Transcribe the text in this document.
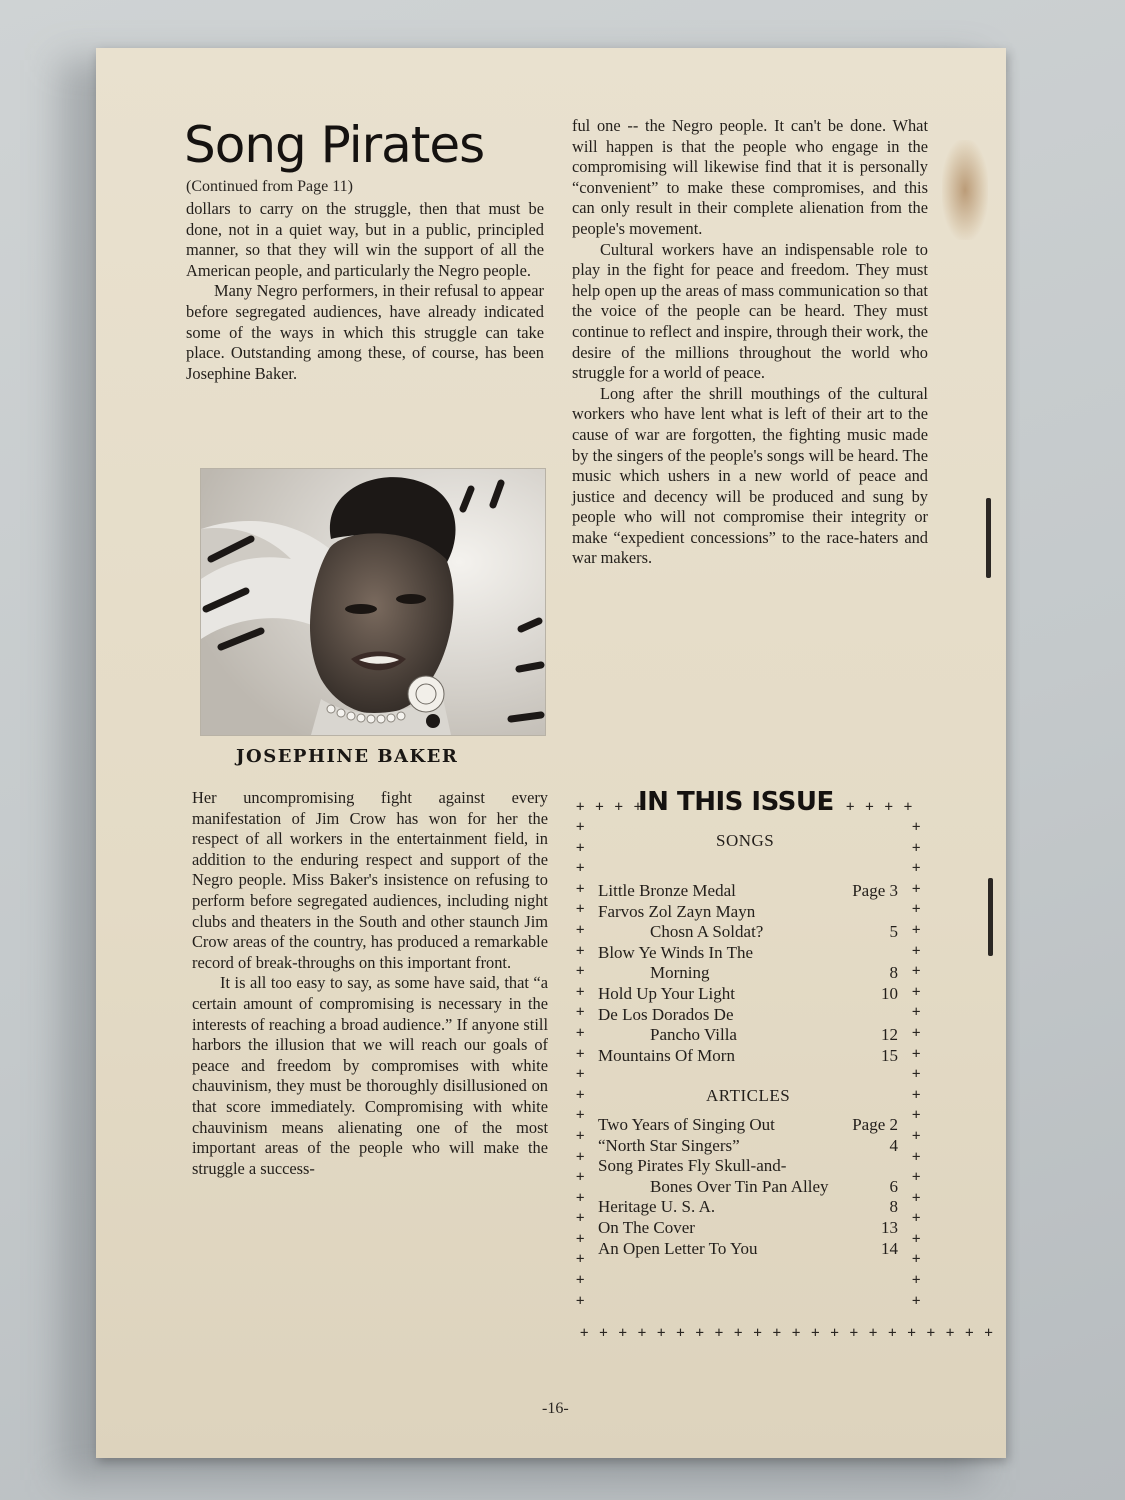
Song Pirates
(Continued from Page 11)

dollars to carry on the struggle, then that must be done, not in a quiet way, but in a public, principled manner, so that they will win the support of all the American people, and particularly the Negro people.

Many Negro performers, in their refusal to appear before segregated audiences, have already indicated some of the ways in which this struggle can take place. Outstanding among these, of course, has been Josephine Baker.

JOSEPHINE BAKER

Her uncompromising fight against every manifestation of Jim Crow has won for her the respect of all workers in the entertainment field, in addition to the enduring respect and support of the Negro people. Miss Baker's insistence on refusing to perform before segregated audiences, including night clubs and theaters in the South and other staunch Jim Crow areas of the country, has produced a remarkable record of break-throughs on this important front.

It is all too easy to say, as some have said, that “a certain amount of compromising is necessary in the interests of reaching a broad audience.” If anyone still harbors the illusion that we will reach our goals of peace and freedom by compromises with white chauvinism, they must be thoroughly disillusioned on that score immediately. Compromising with white chauvinism means alienating one of the most important areas of the people who will make the struggle a success-

ful one -- the Negro people. It can't be done. What will happen is that the people who engage in the compromising will likewise find that it is personally “convenient” to make these compromises, and this can only result in their complete alienation from the people's movement.

Cultural workers have an indispensable role to play in the fight for peace and freedom. They must help open up the areas of mass communication so that the voice of the people can be heard. They must continue to reflect and inspire, through their work, the desire of the millions throughout the world who struggle for a world of peace.

Long after the shrill mouthings of the cultural workers who have lent what is left of their art to the cause of war are forgotten, the fighting music made by the singers of the people's songs will be heard. The music which ushers in a new world of peace and justice and decency will be produced and sung by people who will not compromise their integrity or make “expedient concessions” to the race-haters and war makers.

+ + + +
IN THIS ISSUE + + + +
+
+
+
+
+
+
+
+
+
+
+
+
+
+
+
+
+
+
+
+
+
+
+
+
+
+
+
+
+
+
+
+
+
+
+
+
+
+
+
+
+
+
+
+
+
+
+
+
+ + + + + + + + + + + + + + + + + + + + + +
SONGS
Little Bronze Medal	Page 3
Farvos Zol Zayn Mayn
Chosn A Soldat?	5
Blow Ye Winds In The
Morning	8
Hold Up Your Light	10
De Los Dorados De
Pancho Villa	12
Mountains Of Morn	15
ARTICLES
Two Years of Singing Out	Page 2
“North Star Singers”	4
Song Pirates Fly Skull-and-
Bones Over Tin Pan Alley	6
Heritage U. S. A.	8
On The Cover	13
An Open Letter To You	14
-16-
